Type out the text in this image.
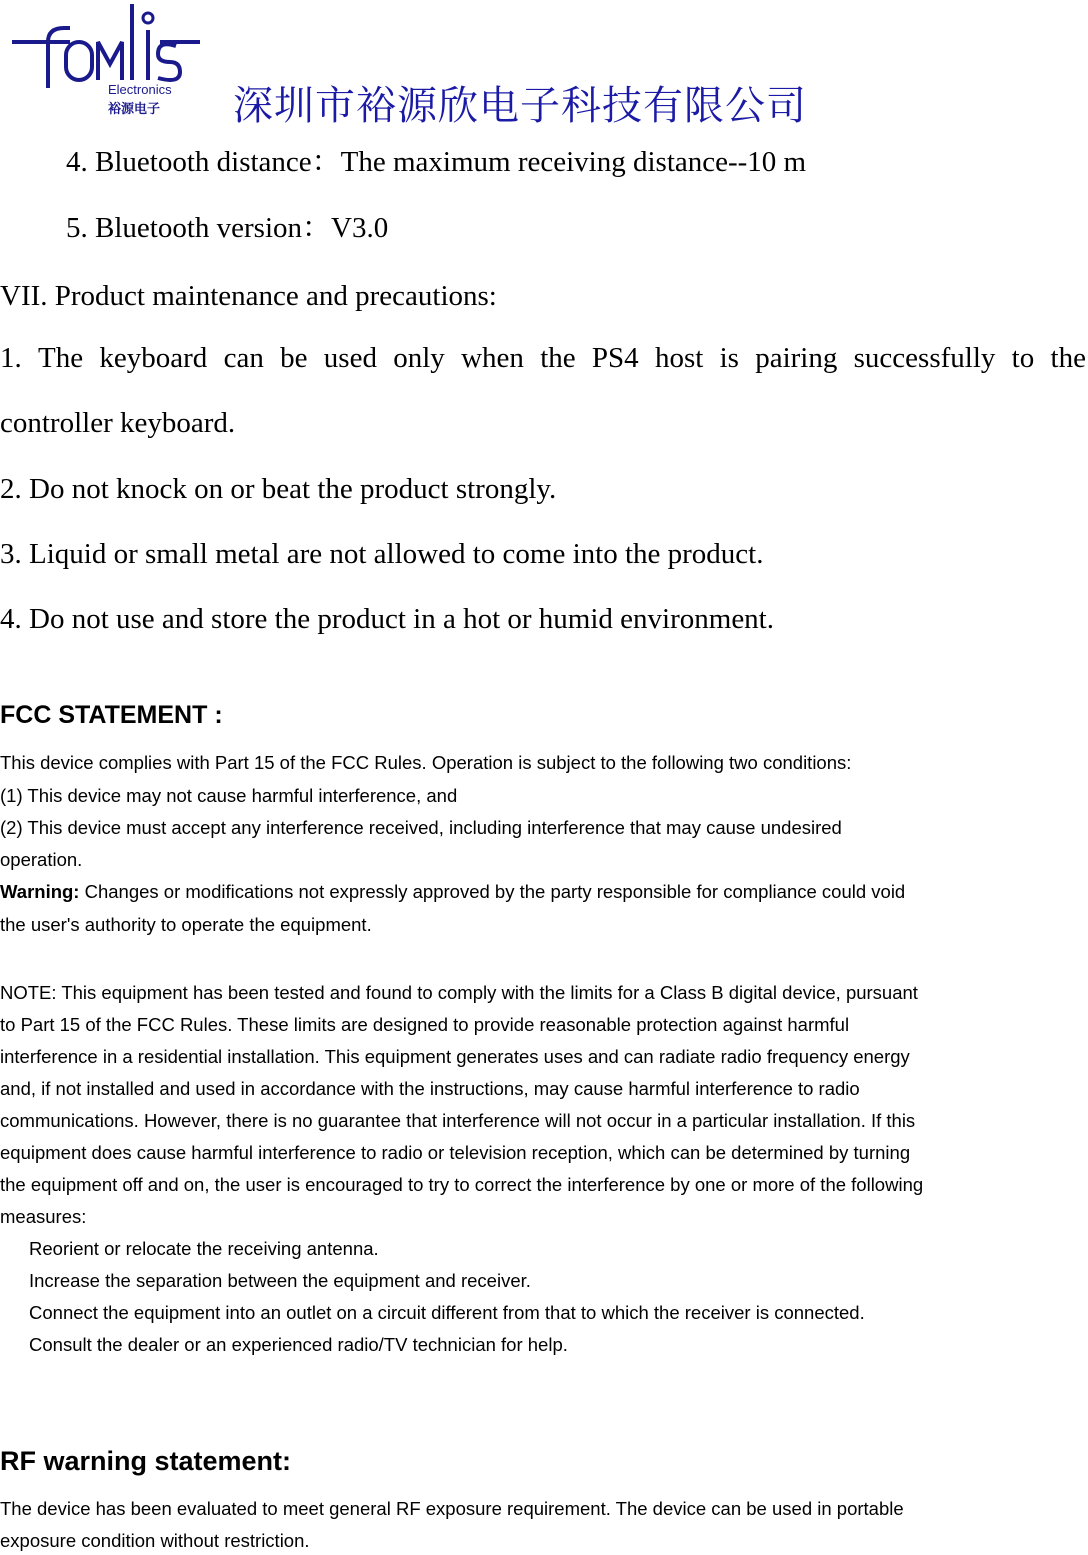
Electronics
裕源电子 深圳市裕源欣电子科技有限公司
4. Bluetooth distance：The maximum receiving distance--10 m
5. Bluetooth version：V3.0
VII. Product maintenance and precautions:
1. The keyboard can be used only when the PS4 host is pairing successfully to the
controller keyboard.
2. Do not knock on or beat the product strongly.
3. Liquid or small metal are not allowed to come into the product.
4. Do not use and store the product in a hot or humid environment.
FCC STATEMENT :
This device complies with Part 15 of the FCC Rules. Operation is subject to the following two conditions:
(1) This device may not cause harmful interference, and
(2) This device must accept any interference received, including interference that may cause undesired
operation.
Warning: Changes or modifications not expressly approved by the party responsible for compliance could void
the user's authority to operate the equipment.
NOTE: This equipment has been tested and found to comply with the limits for a Class B digital device, pursuant
to Part 15 of the FCC Rules. These limits are designed to provide reasonable protection against harmful
interference in a residential installation. This equipment generates uses and can radiate radio frequency energy
and, if not installed and used in accordance with the instructions, may cause harmful interference to radio
communications. However, there is no guarantee that interference will not occur in a particular installation. If this
equipment does cause harmful interference to radio or television reception, which can be determined by turning
the equipment off and on, the user is encouraged to try to correct the interference by one or more of the following
measures:
Reorient or relocate the receiving antenna.
Increase the separation between the equipment and receiver.
Connect the equipment into an outlet on a circuit different from that to which the receiver is connected.
Consult the dealer or an experienced radio/TV technician for help.
RF warning statement:
The device has been evaluated to meet general RF exposure requirement. The device can be used in portable
exposure condition without restriction.
